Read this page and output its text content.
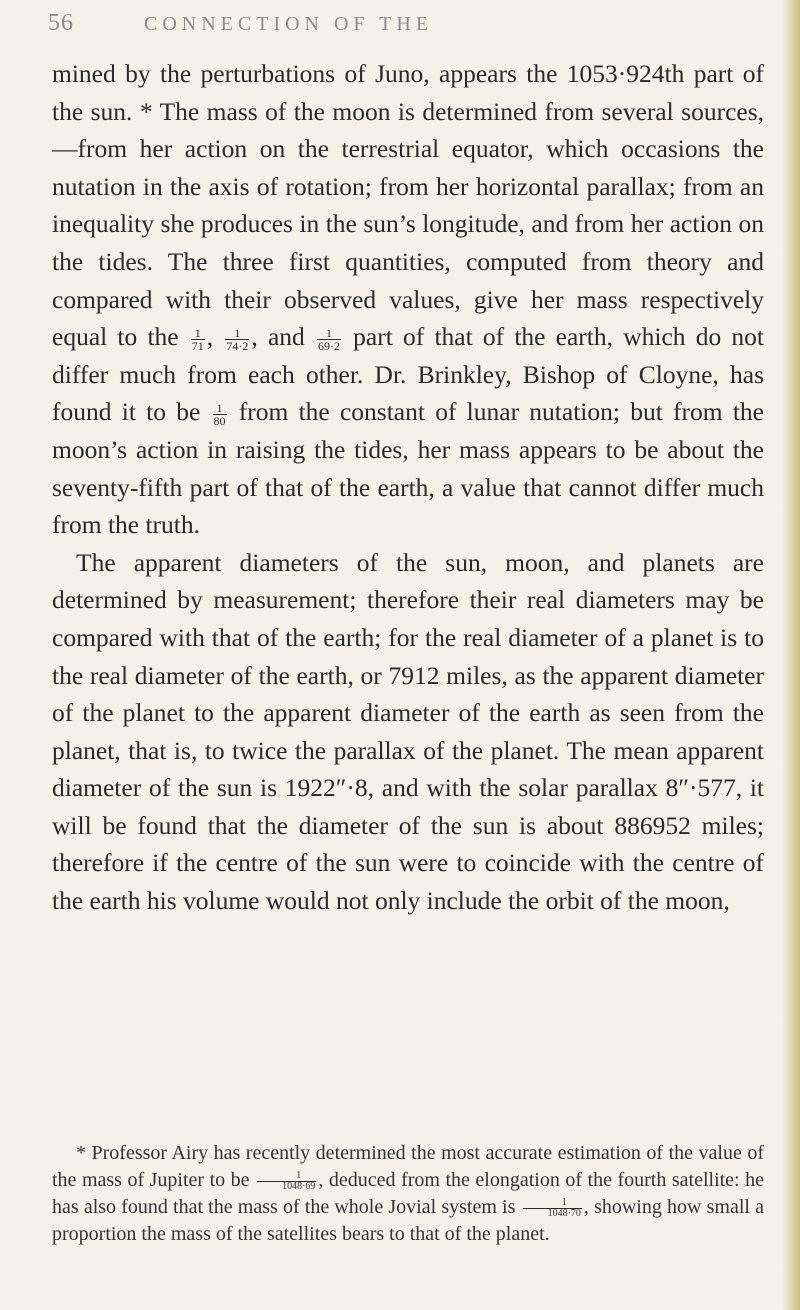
56	CONNECTION OF THE

mined by the perturbations of Juno, appears the 1053·924th part of the sun. * The mass of the moon is determined from several sources,—from her action on the terrestrial equator, which occasions the nutation in the axis of rotation; from her horizontal parallax; from an inequality she produces in the sun’s longitude, and from her action on the tides. The three first quantities, computed from theory and compared with their observed values, give her mass respectively equal to the $\frac{1}{71}$ , $\frac{1}{74\cdot 2}$ , and $\frac{1}{69\cdot 2}$ part of that of the earth, which do not differ much from each other. Dr. Brinkley, Bishop of Cloyne, has found it to be $\frac{1}{80}$ from the constant of lunar nutation; but from the moon’s action in raising the tides, her mass appears to be about the seventy-fifth part of that of the earth, a value that cannot differ much from the truth.

The apparent diameters of the sun, moon, and planets are determined by measurement; therefore their real diameters may be compared with that of the earth; for the real diameter of a planet is to the real diameter of the earth, or 7912 miles, as the apparent diameter of the planet to the apparent diameter of the earth as seen from the planet, that is, to twice the parallax of the planet. The mean apparent diameter of the sun is 1922″·8, and with the solar parallax 8″·577, it will be found that the diameter of the sun is about 886952 miles; therefore if the centre of the sun were to coincide with the centre of the earth his volume would not only include the orbit of the moon,

* Professor Airy has recently determined the most accurate estimation of the value of the mass of Jupiter to be $\frac{1}{1048\cdot 69}$ , deduced from the elongation of the fourth satellite: he has also found that the mass of the whole Jovial system is $\frac{1}{1048\cdot 70}$ , showing how small a proportion the mass of the satellites bears to that of the planet.
